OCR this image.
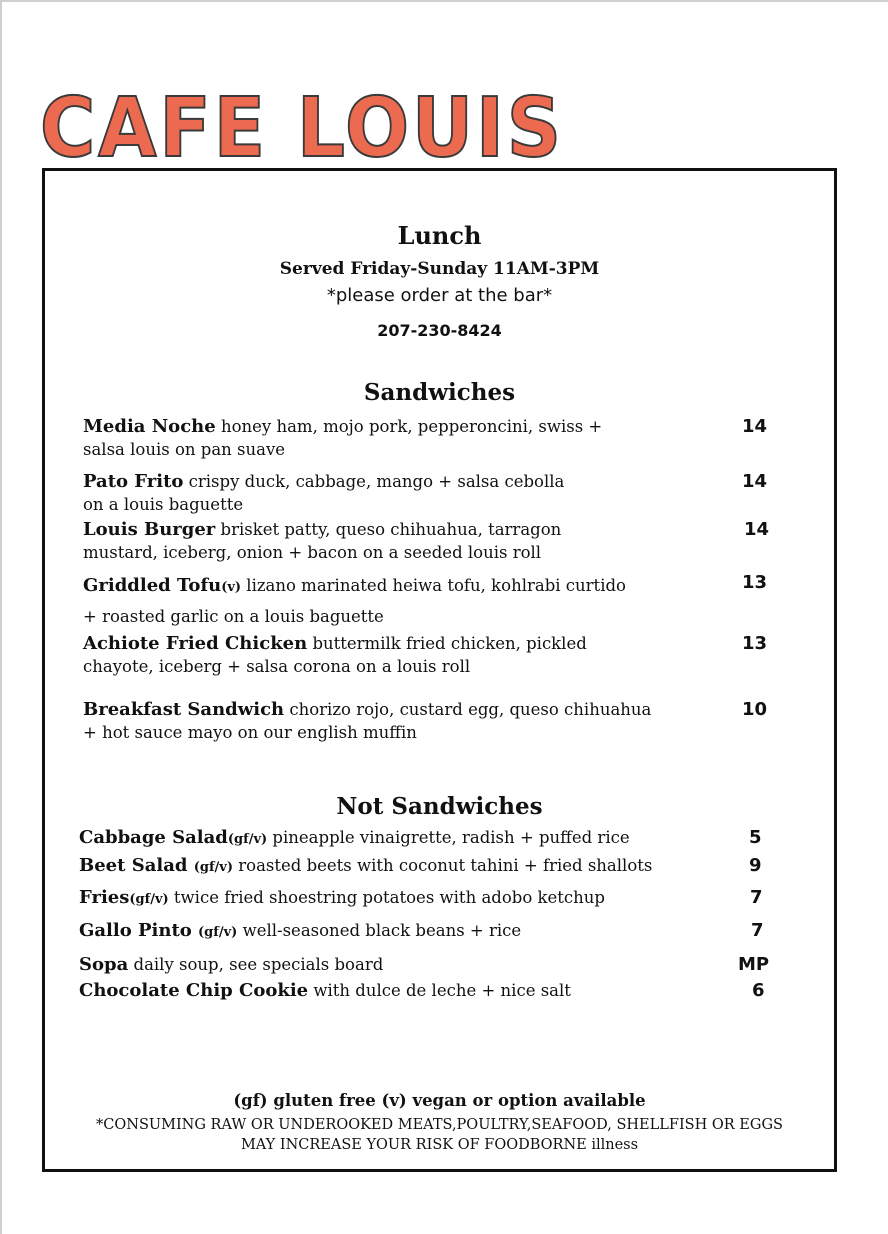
CAFE LOUIS
Lunch
Served Friday-Sunday 11AM-3PM
*please order at the bar*
207-230-8424
Sandwiches
Media Noche honey ham, mojo pork, pepperoncini, swiss +
salsa louis on pan suave
14
Pato Frito crispy duck, cabbage, mango + salsa cebolla
on a louis baguette
14
Louis Burger brisket patty, queso chihuahua, tarragon
mustard, iceberg, onion + bacon on a seeded louis roll
14
Griddled Tofu(v) lizano marinated heiwa tofu, kohlrabi curtido
+ roasted garlic on a louis baguette
13
Achiote Fried Chicken buttermilk fried chicken, pickled
chayote, iceberg + salsa corona on a louis roll
13
Breakfast Sandwich chorizo rojo, custard egg, queso chihuahua
+ hot sauce mayo on our english muffin
10
Not Sandwiches
Cabbage Salad(gf/v) pineapple vinaigrette, radish + puffed rice	5
Beet Salad (gf/v) roasted beets with coconut tahini + fried shallots	9
Fries(gf/v) twice fried shoestring potatoes with adobo ketchup	7
Gallo Pinto (gf/v) well-seasoned black beans + rice	7
Sopa daily soup, see specials board	MP
Chocolate Chip Cookie with dulce de leche + nice salt	6
(gf) gluten free (v) vegan or option available
*CONSUMING RAW OR UNDEROOKED MEATS,POULTRY,SEAFOOD, SHELLFISH OR EGGS
MAY INCREASE YOUR RISK OF FOODBORNE illness
